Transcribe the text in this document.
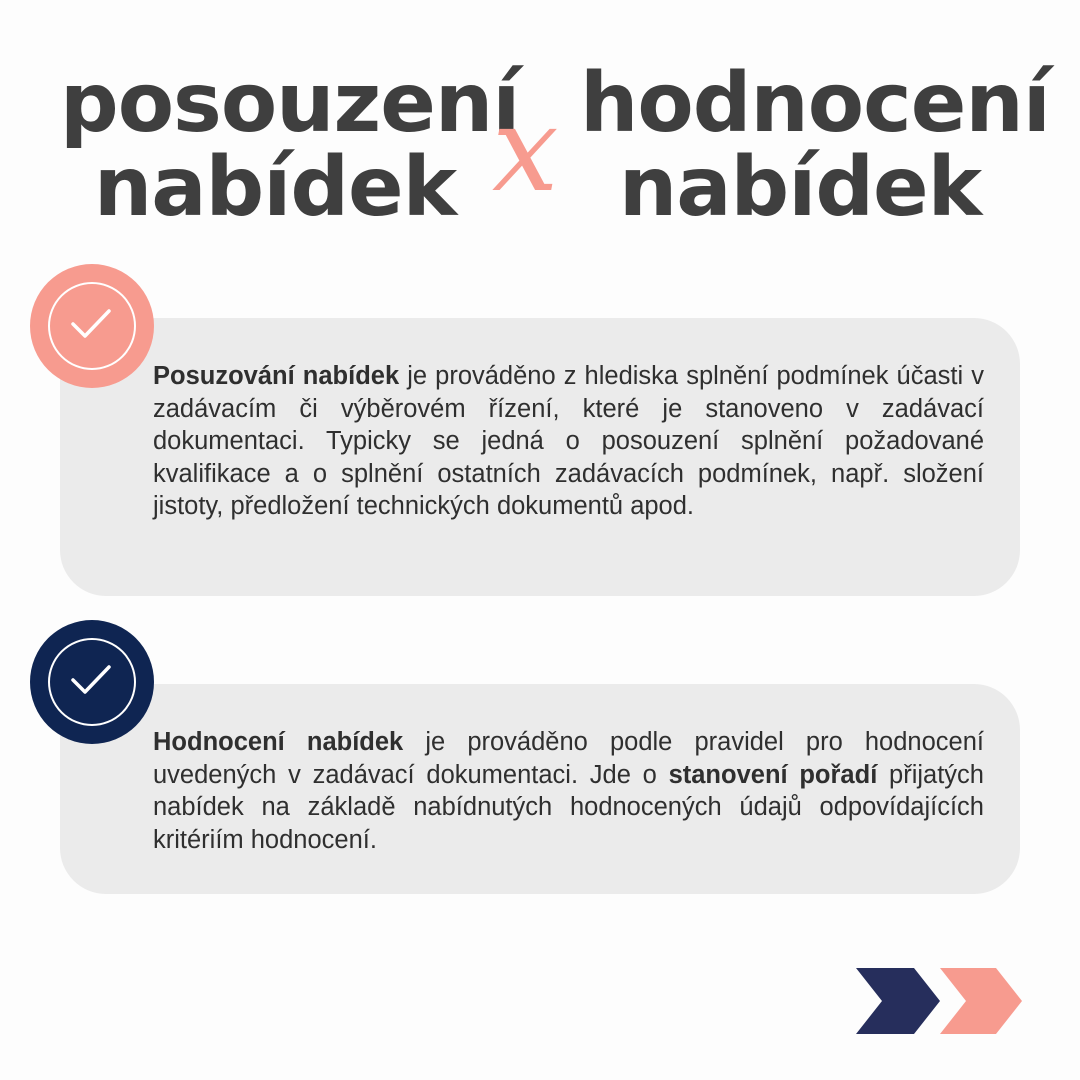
posouzení
nabídek x hodnocení
nabídek
Posuzování nabídek je prováděno z hlediska splnění podmínek účasti v zadávacím či výběrovém řízení, které je stanoveno v zadávací dokumentaci. Typicky se jedná o posouzení splnění požadované kvalifikace a o splnění ostatních zadávacích podmínek, např. složení jistoty, předložení technických dokumentů apod.
Hodnocení nabídek je prováděno podle pravidel pro hodnocení uvedených v zadávací dokumentaci. Jde o stanovení pořadí přijatých nabídek na základě nabídnutých hodnocených údajů odpovídajících kritériím hodnocení.
